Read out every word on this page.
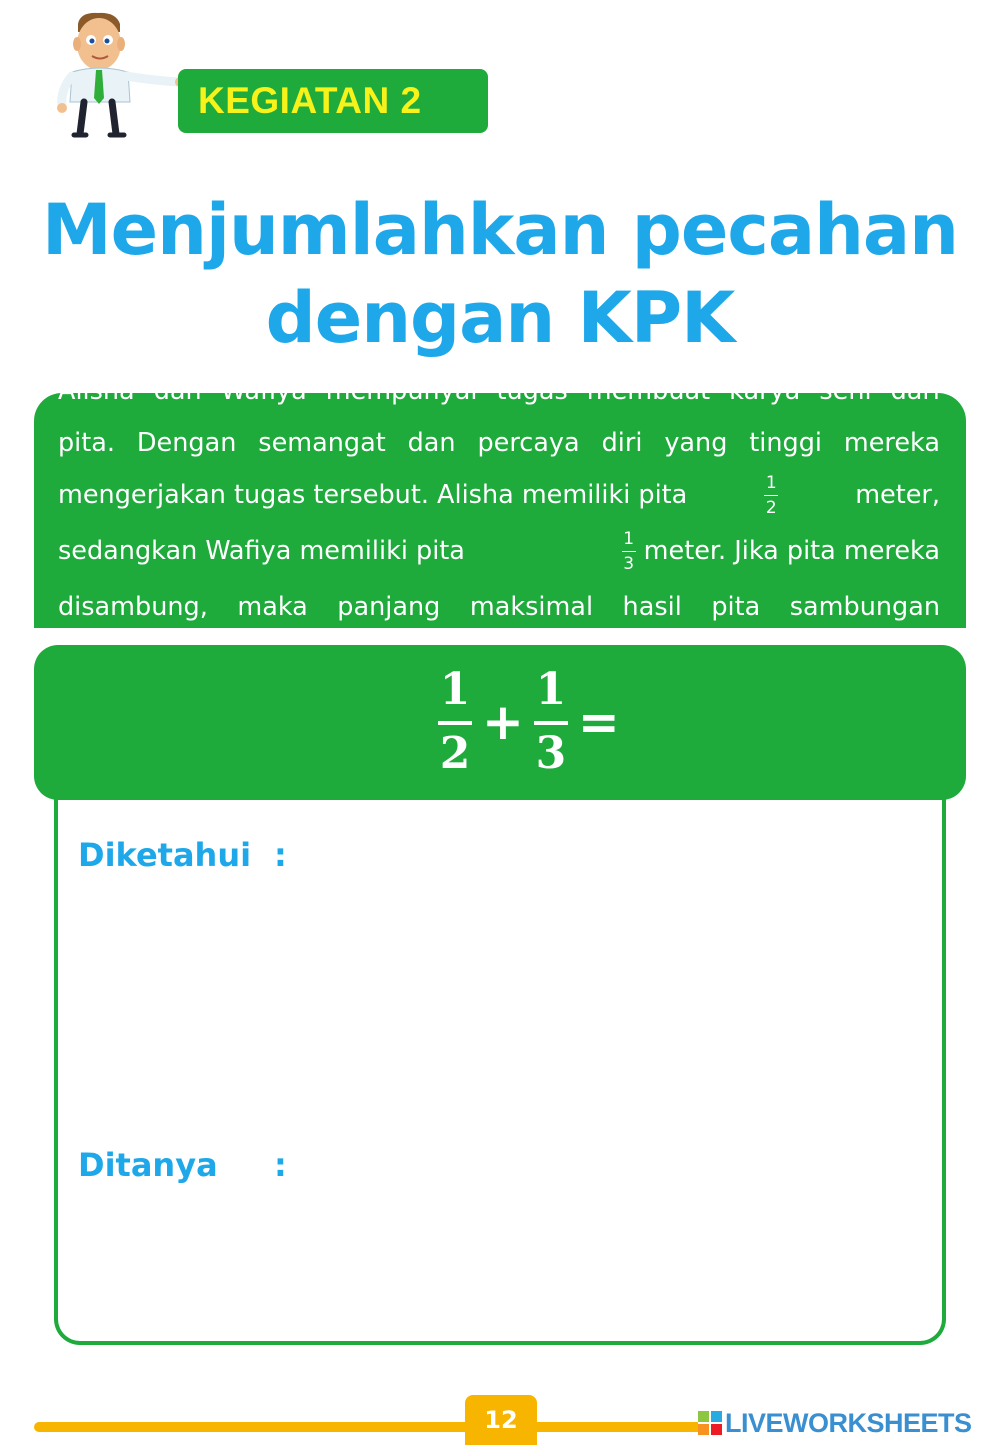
KEGIATAN 2
Menjumlahkan pecahan
dengan KPK
Alisha dan Wafiya mempunyai tugas membuat karya seni dari
pita. Dengan semangat dan percaya diri yang tinggi mereka
mengerjakan tugas tersebut. Alisha memiliki pita	$\frac{1}{2}$	meter,
sedangkan Wafiya memiliki pita	$\frac{1}{3}$ meter. Jika pita mereka
disambung, maka panjang maksimal hasil pita sambungan
Diketahui :
Ditanya :
$\frac{1}{2} + \frac{1}{3}$ =
12	LIVEWORKSHEETS
